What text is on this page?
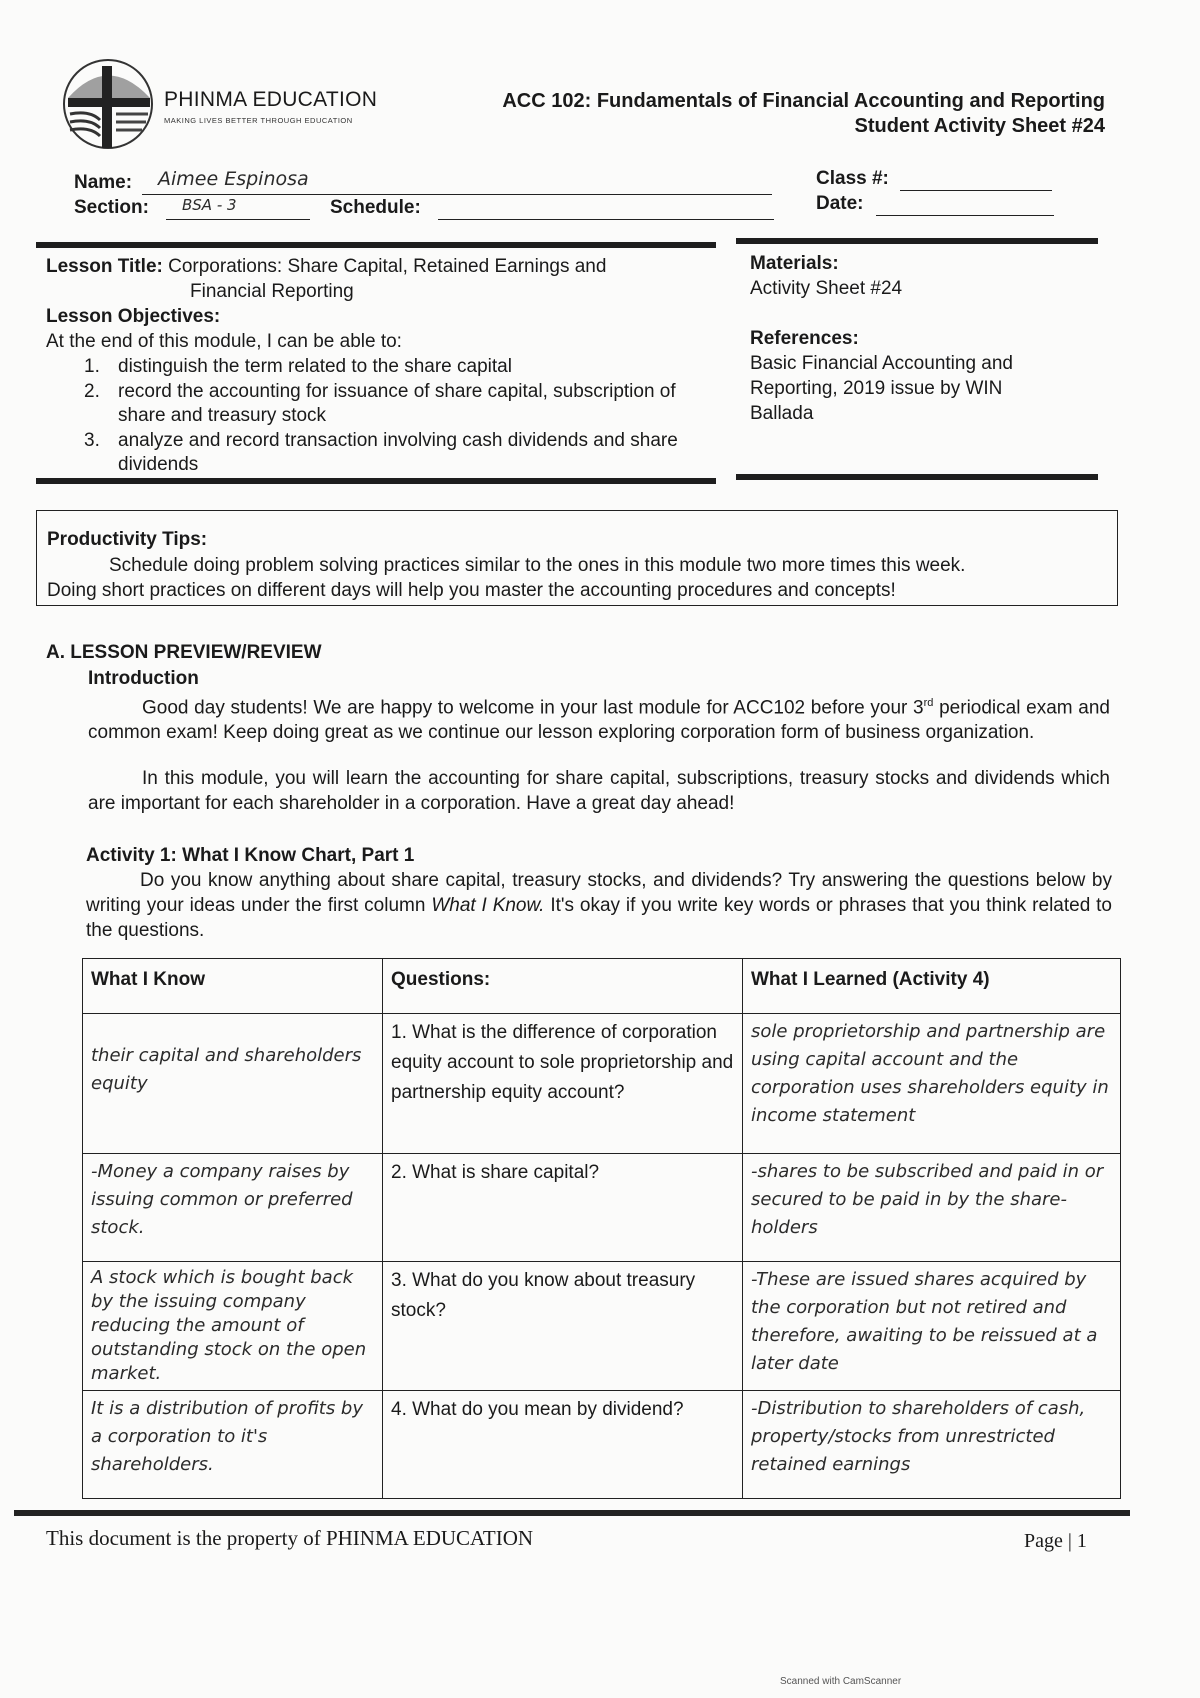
PHINMA EDUCATION
MAKING LIVES BETTER THROUGH EDUCATION
ACC 102: Fundamentals of Financial Accounting and Reporting
Student Activity Sheet #24
Name: Aimee Espinosa
Section: BSA - 3	Schedule:
Class #:
Date:
Lesson Title: Corporations: Share Capital, Retained Earnings and
Financial Reporting
Lesson Objectives:
At the end of this module, I can be able to:
1. distinguish the term related to the share capital
2. record the accounting for issuance of share capital, subscription of share and treasury stock
3. analyze and record transaction involving cash dividends and share dividends
Materials:
Activity Sheet #24
References:
Basic Financial Accounting and
Reporting, 2019 issue by WIN
Ballada
Productivity Tips:
Schedule doing problem solving practices similar to the ones in this module two more times this week.
Doing short practices on different days will help you master the accounting procedures and concepts!
A. LESSON PREVIEW/REVIEW
Introduction
Good day students! We are happy to welcome in your last module for ACC102 before your 3rd periodical exam and common exam! Keep doing great as we continue our lesson exploring corporation form of business organization.
In this module, you will learn the accounting for share capital, subscriptions, treasury stocks and dividends which are important for each shareholder in a corporation. Have a great day ahead!
Activity 1: What I Know Chart, Part 1
Do you know anything about share capital, treasury stocks, and dividends? Try answering the questions below by writing your ideas under the first column What I Know. It's okay if you write key words or phrases that you think related to the questions.
What I Know	Questions:	What I Learned (Activity 4)
their capital and shareholders equity	1. What is the difference of corporation equity account to sole proprietorship and partnership equity account?	sole proprietorship and partnership are using capital account and the corporation uses shareholders equity in income statement
-Money a company raises by issuing common or preferred stock.	2. What is share capital?	-shares to be subscribed and paid in or secured to be paid in by the share-holders
A stock which is bought back by the issuing company reducing the amount of outstanding stock on the open market.	3. What do you know about treasury stock?	-These are issued shares acquired by the corporation but not retired and therefore, awaiting to be reissued at a later date
It is a distribution of profits by a corporation to it's shareholders.	4. What do you mean by dividend?	-Distribution to shareholders of cash, property/stocks from unrestricted retained earnings
This document is the property of PHINMA EDUCATION	Page | 1
Scanned with CamScanner
